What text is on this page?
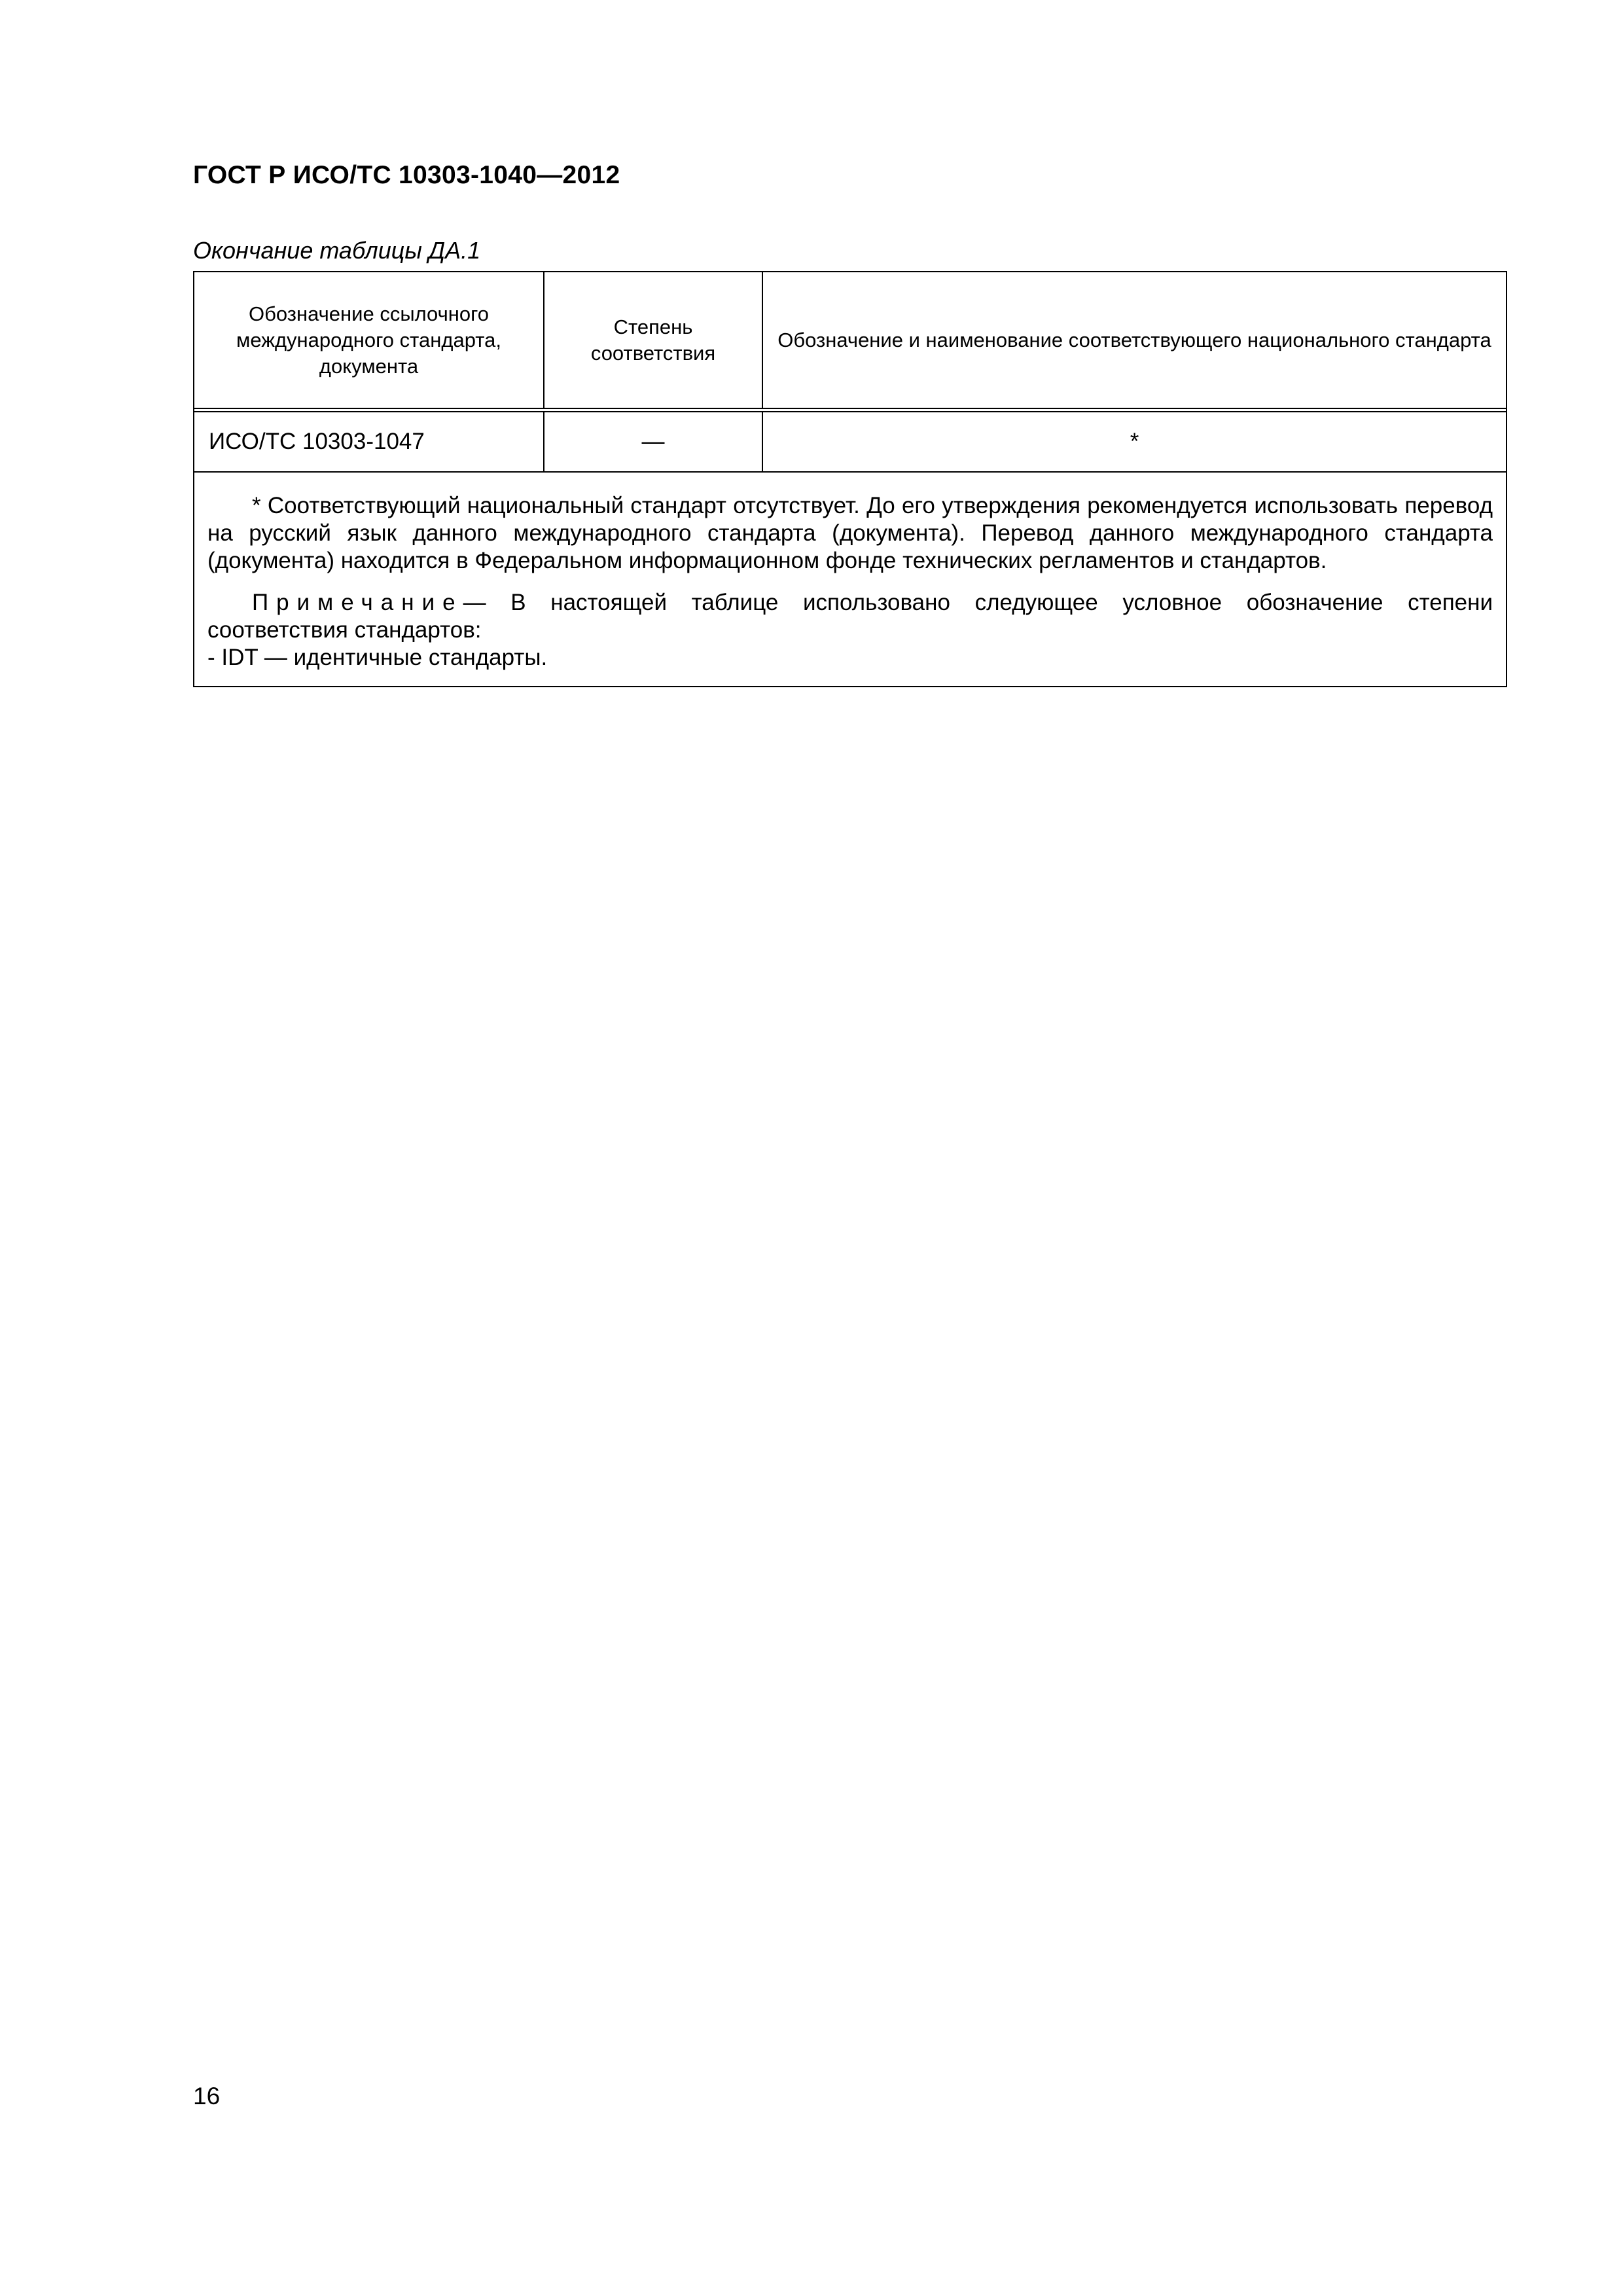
ГОСТ Р ИСО/ТС 10303-1040—2012
Окончание таблицы ДА.1
Обозначение ссылочного международного стандарта, документа
Степень соответствия
Обозначение и наименование соответствующего национального стандарта
ИСО/ТС 10303-1047	—	*

* Соответствующий национальный стандарт отсутствует. До его утверждения рекомендуется использовать перевод на русский язык данного международного стандарта (документа). Перевод данного международного стандарта (документа) находится в Федеральном информационном фонде технических регламентов и стандартов.

Примечание— В настоящей таблице использовано следующее условное обозначение степени соответствия стандартов:

- IDT — идентичные стандарты.

16
